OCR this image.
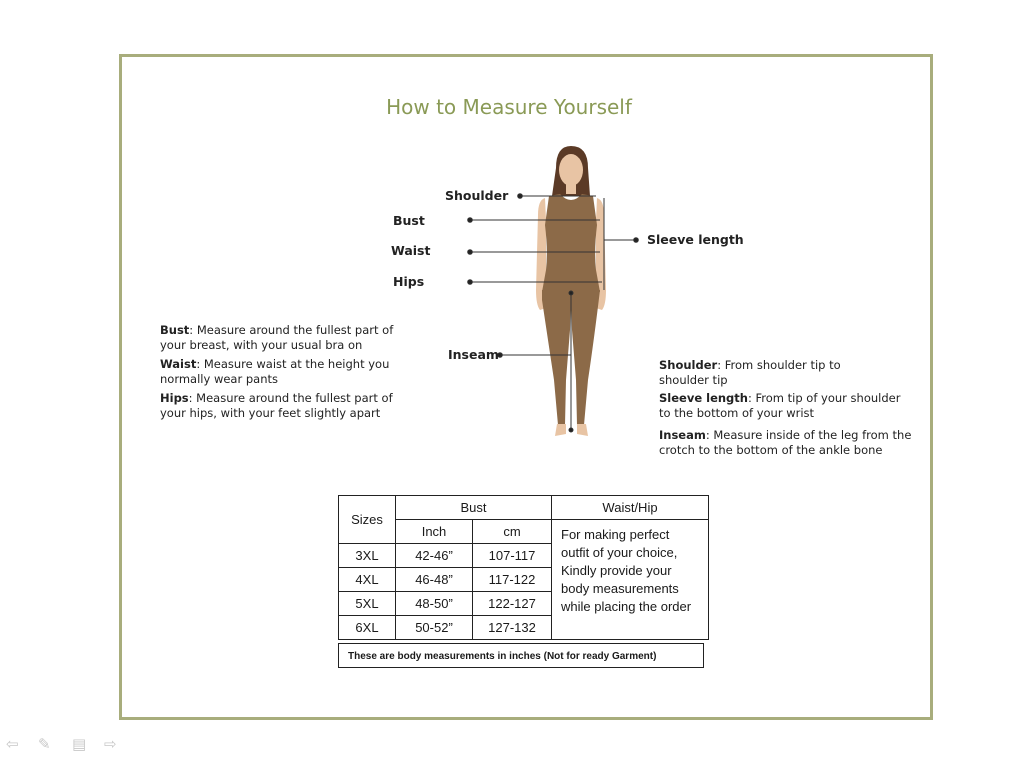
How to Measure Yourself
Shoulder
Bust
Waist
Hips
Inseam
Sleeve length
Bust: Measure around the fullest part of your breast, with your usual bra on
Waist: Measure waist at the height you normally wear pants
Hips: Measure around the fullest part of your hips, with your feet slightly apart
Shoulder: From shoulder tip to shoulder tip
Sleeve length: From tip of your shoulder to the bottom of your wrist
Inseam: Measure inside of the leg from the crotch to the bottom of the ankle bone
Sizes	Bust		Waist/Hip
	Inch	cm	For making perfect outfit of your choice, Kindly provide your body measurements while placing the order
3XL	42-46”	107-117	
4XL	46-48”	117-122	
5XL	48-50”	122-127	
6XL	50-52”	127-132	
These are body measurements in inches (Not for ready Garment)
⇦ ✎ ▤ ⇨
